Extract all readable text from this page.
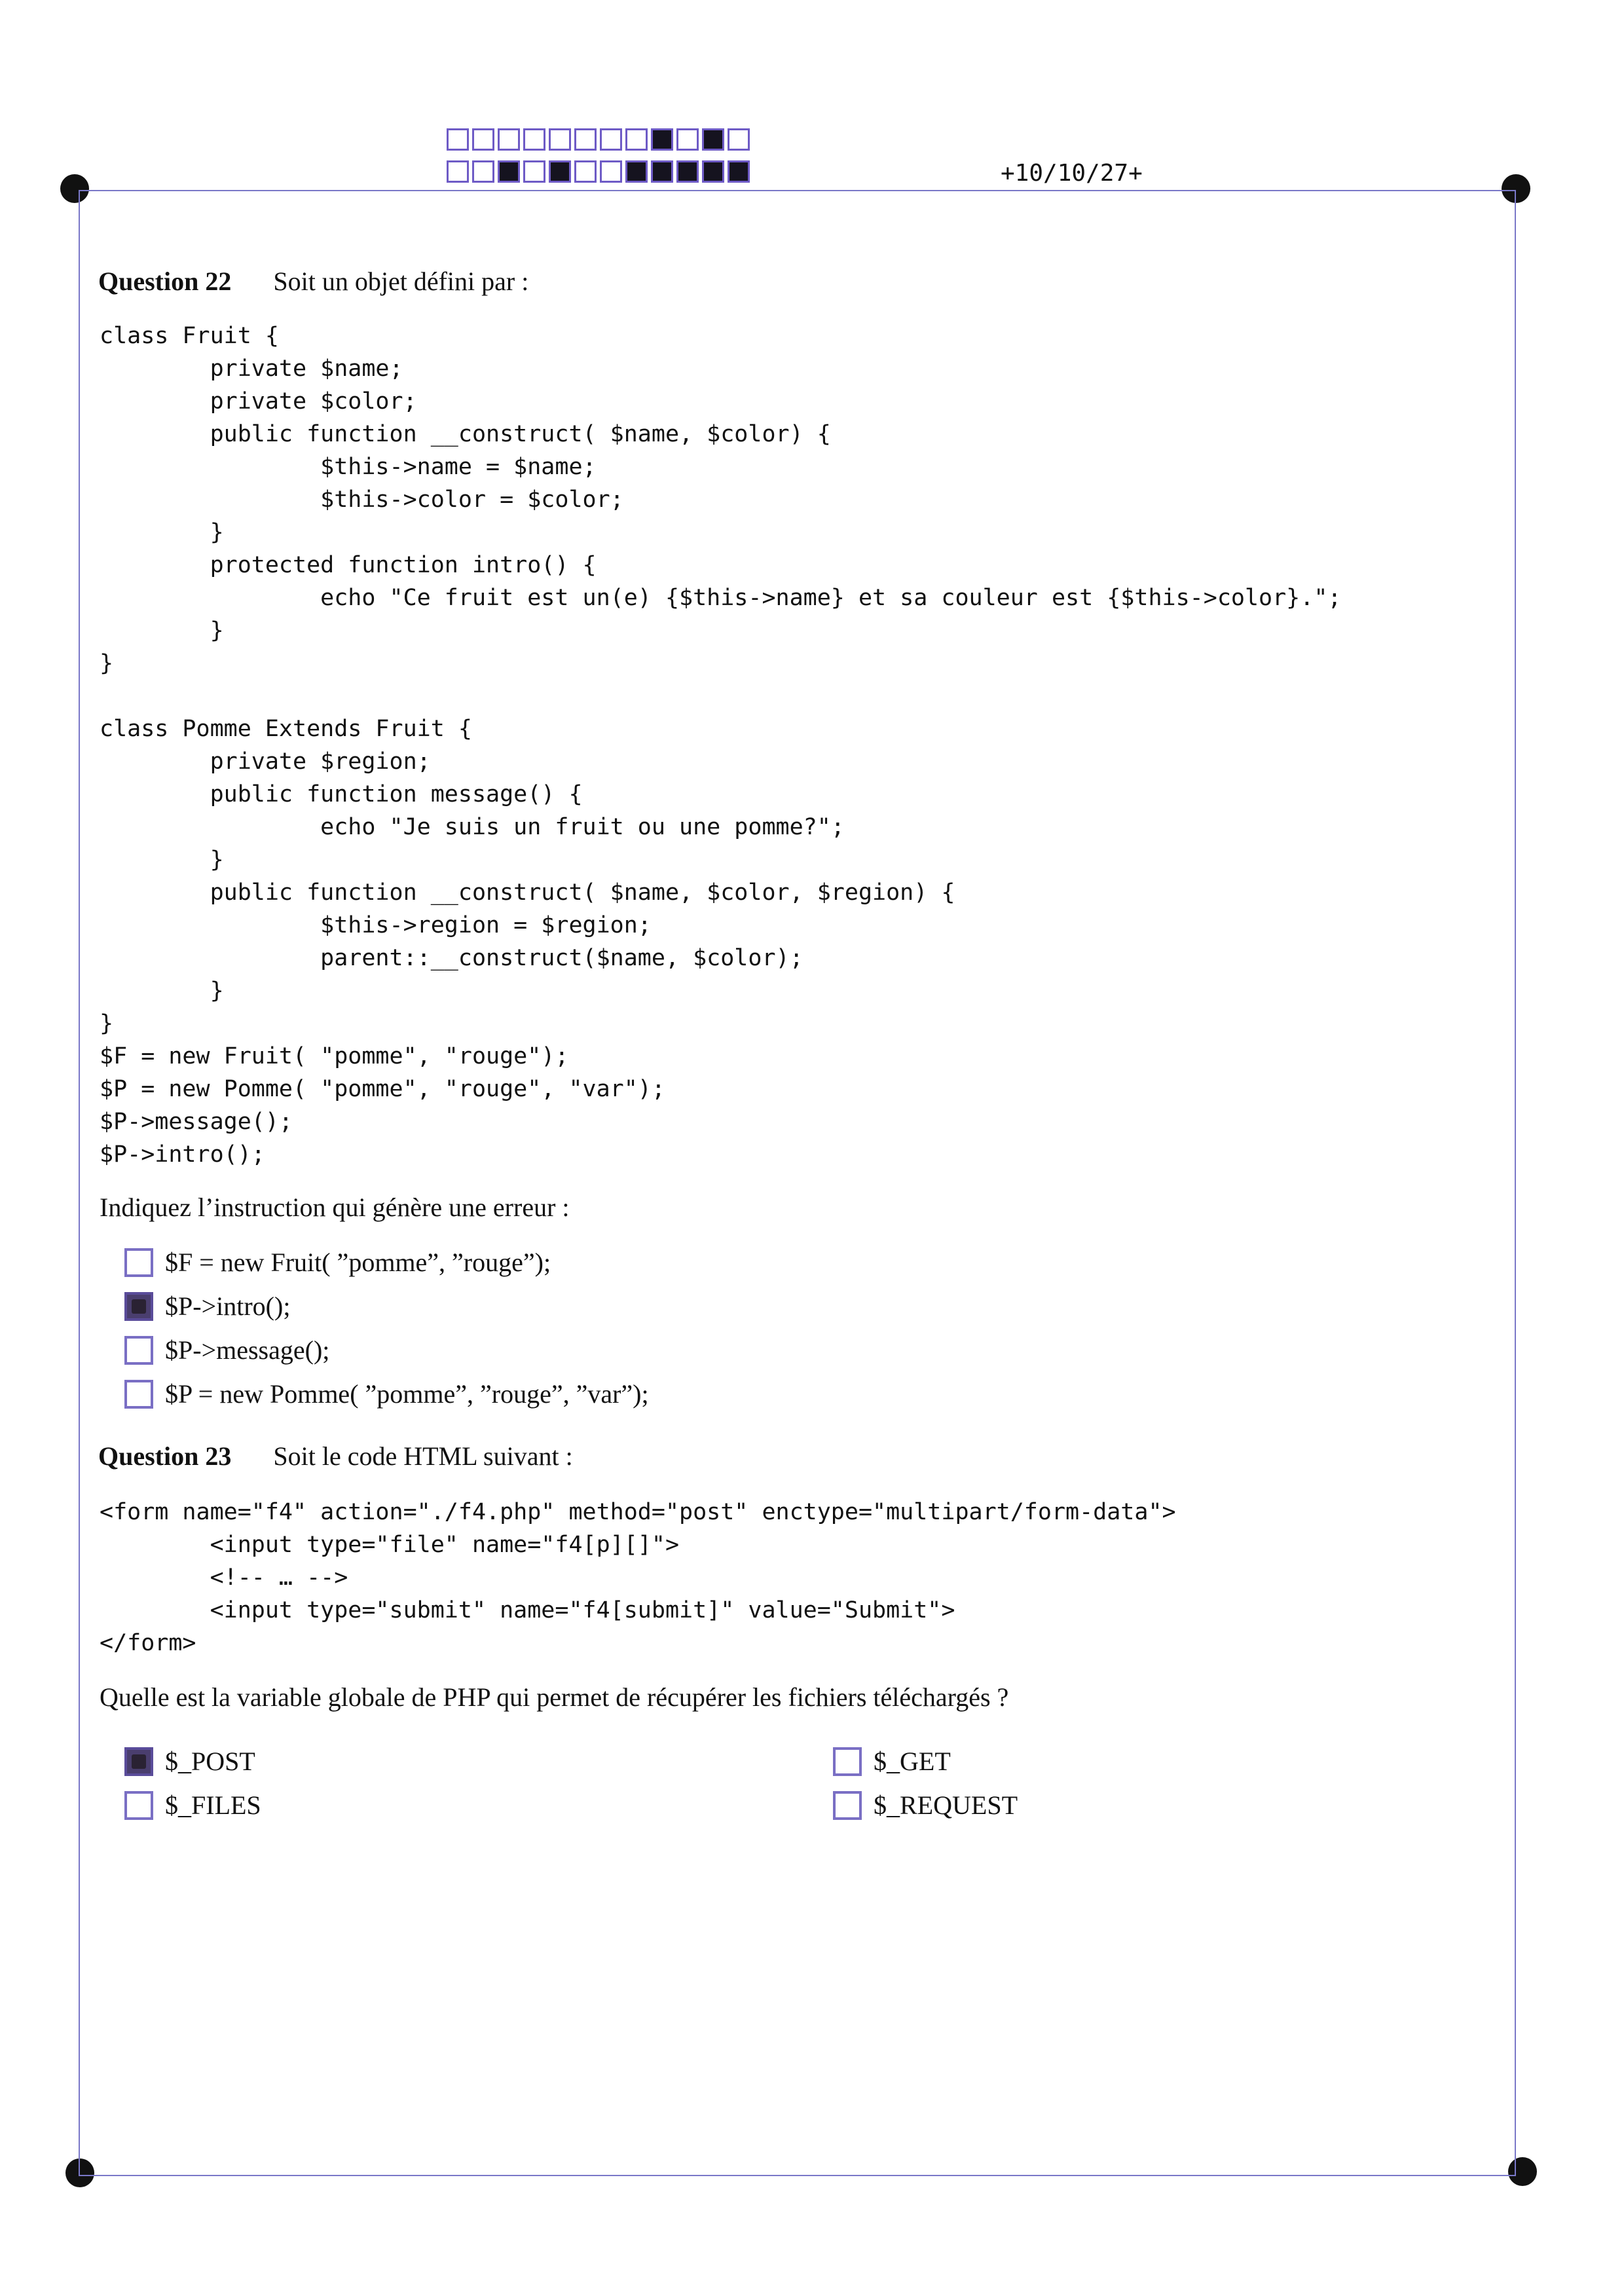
+10/10/27+
Question 22 Soit un objet défini par :
class Fruit {
private $name;
private $color;
public function __construct( $name, $color) {
$this->name = $name;
$this->color = $color;
}
protected function intro() {
echo "Ce fruit est un(e) {$this->name} et sa couleur est {$this->color}.";
}
}
class Pomme Extends Fruit {
private $region;
public function message() {
echo "Je suis un fruit ou une pomme?";
}
public function __construct( $name, $color, $region) {
$this->region = $region;
parent::__construct($name, $color);
}
}
$F = new Fruit( "pomme", "rouge");
$P = new Pomme( "pomme", "rouge", "var");
$P->message();
$P->intro();
Indiquez l’instruction qui génère une erreur :
$F = new Fruit( ”pomme”, ”rouge”);
$P->intro();
$P->message();
$P = new Pomme( ”pomme”, ”rouge”, ”var”);
Question 23 Soit le code HTML suivant :
<form name="f4" action="./f4.php" method="post" enctype="multipart/form-data">
<input type="file" name="f4[p][]">
<!-- … -->
<input type="submit" name="f4[submit]" value="Submit">
</form>
Quelle est la variable globale de PHP qui permet de récupérer les fichiers téléchargés ?
$_POST	$_GET
$_FILES	$_REQUEST
